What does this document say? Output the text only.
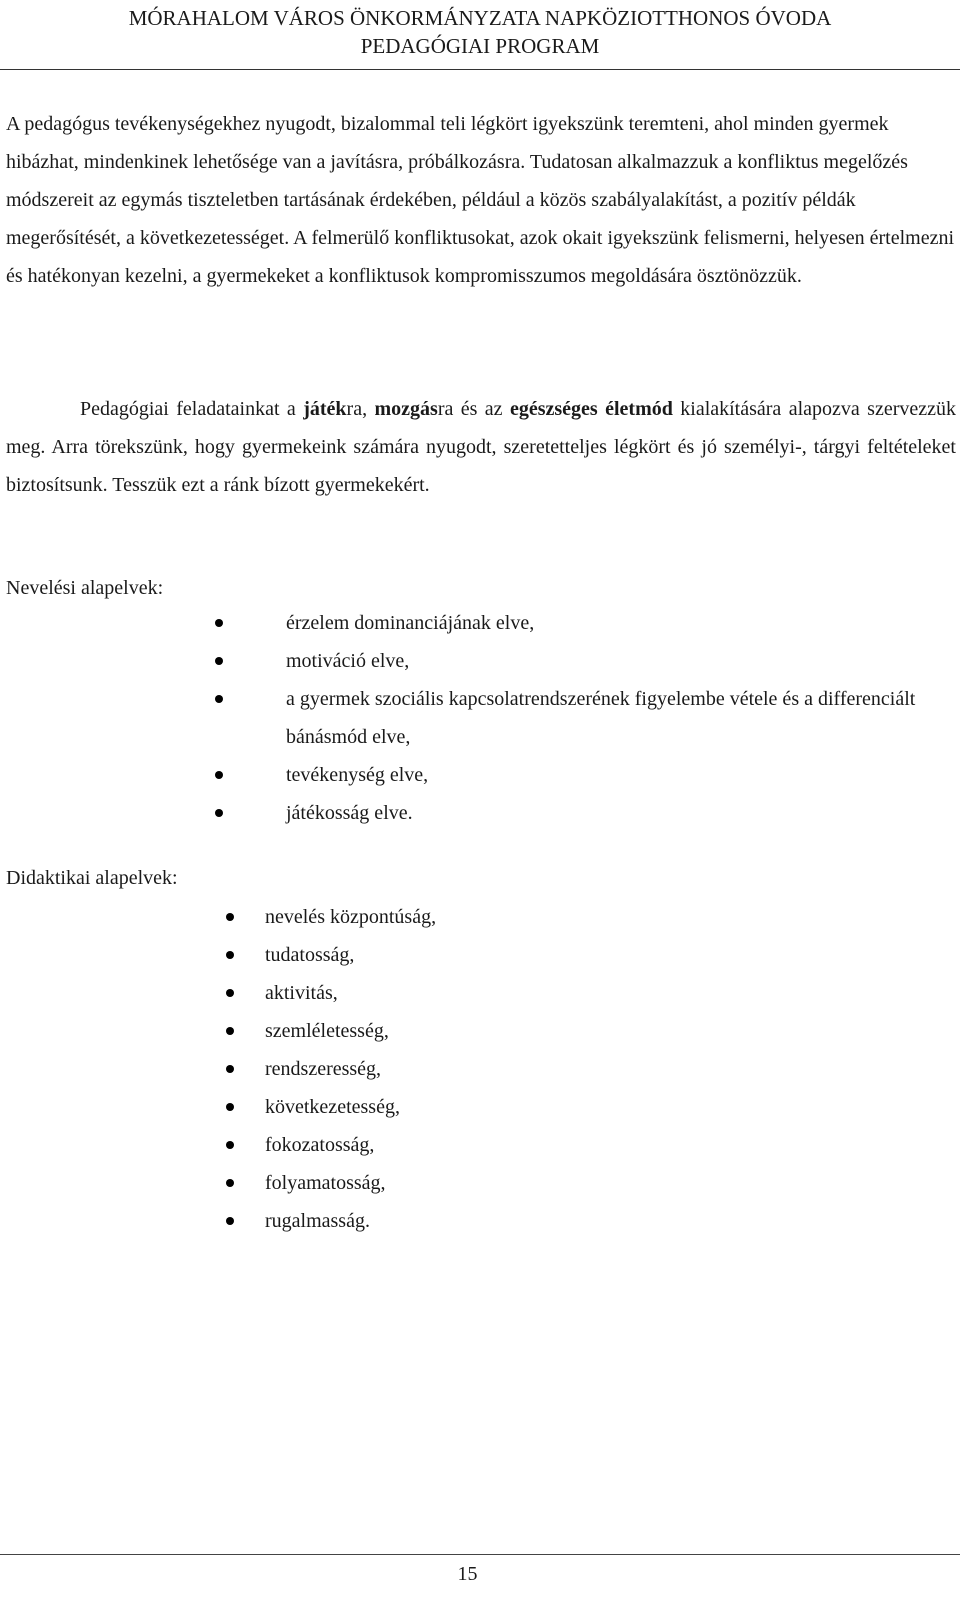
MÓRAHALOM VÁROS ÖNKORMÁNYZATA NAPKÖZIOTTHONOS ÓVODA
PEDAGÓGIAI PROGRAM

A pedagógus tevékenységekhez nyugodt, bizalommal teli légkört igyekszünk teremteni, ahol minden gyermek hibázhat, mindenkinek lehetősége van a javításra, próbálkozásra. Tudatosan alkalmazzuk a konfliktus megelőzés módszereit az egymás tiszteletben tartásának érdekében, például a közös szabályalakítást, a pozitív példák megerősítését, a következetességet. A felmerülő konfliktusokat, azok okait igyekszünk felismerni, helyesen értelmezni és hatékonyan kezelni, a gyermekeket a konfliktusok kompromisszumos megoldására ösztönözzük.

Pedagógiai feladatainkat a játékra, mozgásra és az egészséges életmód kialakítására alapozva szervezzük meg. Arra törekszünk, hogy gyermekeink számára nyugodt, szeretetteljes légkört és jó személyi-, tárgyi feltételeket biztosítsunk. Tesszük ezt a ránk bízott gyermekekért.

Nevelési alapelvek:

érzelem dominanciájának elve,
motiváció elve,
a gyermek szociális kapcsolatrendszerének figyelembe vétele és a differenciált bánásmód elve,
tevékenység elve,
játékosság elve.

Didaktikai alapelvek:

nevelés központúság,
tudatosság,
aktivitás,
szemléletesség,
rendszeresség,
következetesség,
fokozatosság,
folyamatosság,
rugalmasság.
15
